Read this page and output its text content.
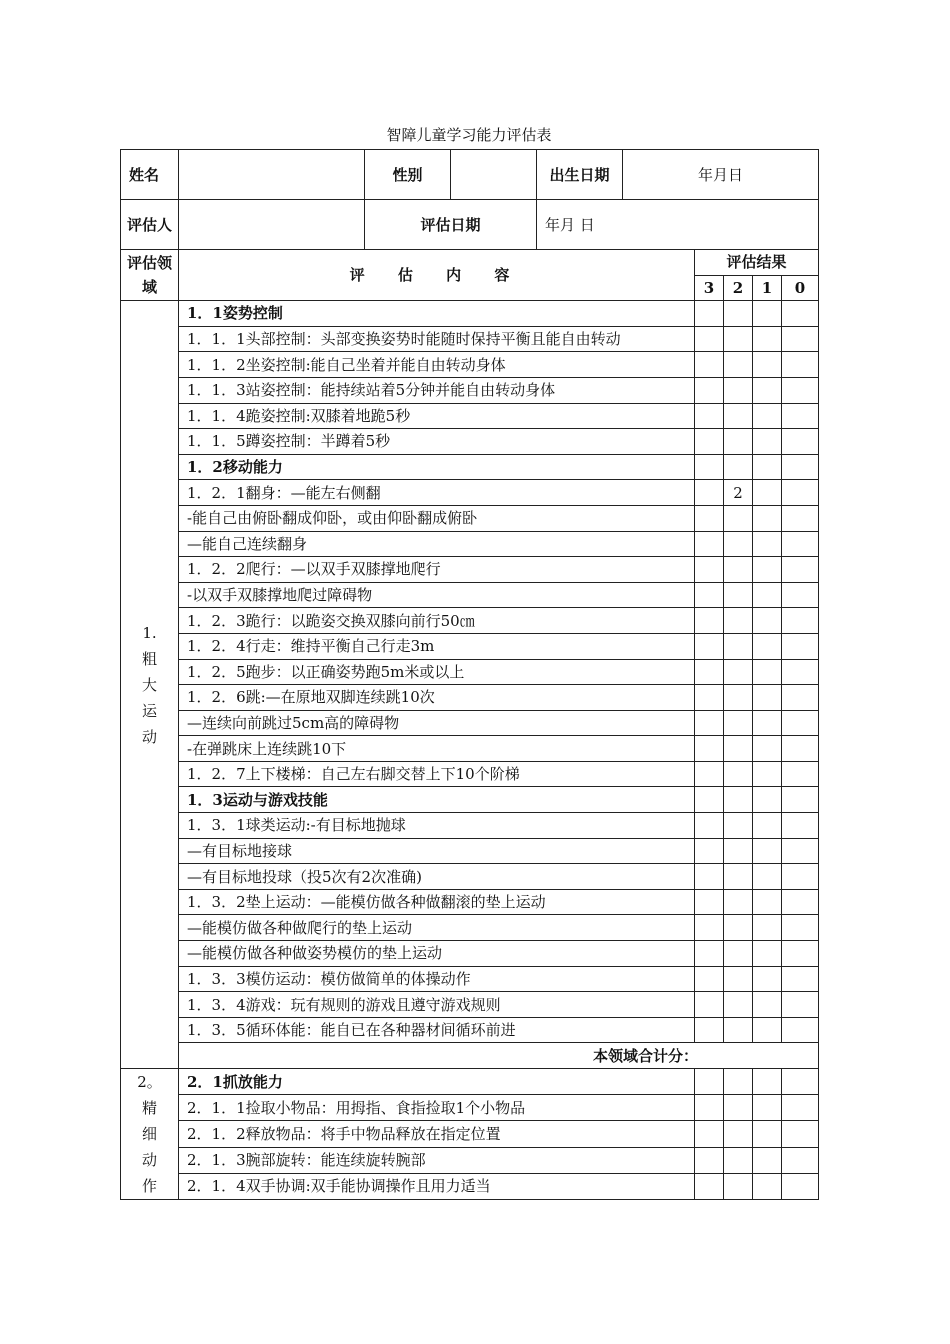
智障儿童学习能力评估表
姓名		性别		出生日期	年月日
评估人		评估日期		年月 日	
评估领域	评 估 内 容	评估结果			
		3	2	1	0

1.
粗
大
运
动	1．1姿势控制				
	1．1．1头部控制：头部变换姿势时能随时保持平衡且能自由转动				
	1．1．2坐姿控制:能自己坐着并能自由转动身体				
	1．1．3站姿控制：能持续站着5分钟并能自由转动身体				
	1．1．4跪姿控制:双膝着地跪5秒				
	1．1．5蹲姿控制：半蹲着5秒				
	1．2移动能力				
	1．2．1翻身：—能左右侧翻		2		
	-能自己由俯卧翻成仰卧，或由仰卧翻成俯卧				
	—能自己连续翻身				
	1．2．2爬行：—以双手双膝撑地爬行				
	-以双手双膝撑地爬过障碍物				
	1．2．3跪行：以跪姿交换双膝向前行50㎝				
	1．2．4行走：维持平衡自己行走3m				
	1．2．5跑步：以正确姿势跑5m米或以上				
	1．2．6跳:—在原地双脚连续跳10次				
	—连续向前跳过5cm高的障碍物				
	-在弹跳床上连续跳10下				
	1．2．7上下楼梯：自己左右脚交替上下10个阶梯				
	1．3运动与游戏技能				
	1．3．1球类运动:-有目标地抛球				
	—有目标地接球				
	—有目标地投球（投5次有2次准确)				
	1．3．2垫上运动：—能模仿做各种做翻滚的垫上运动				
	—能模仿做各种做爬行的垫上运动				
	—能模仿做各种做姿势模仿的垫上运动				
	1．3．3模仿运动：模仿做简单的体操动作				
	1．3．4游戏：玩有规则的游戏且遵守游戏规则				
	1．3．5循环体能：能自已在各种器材间循环前进				
	本领域合计分：				

2。
精
细
动
作	2．1抓放能力				
	2．1．1捡取小物品：用拇指、食指捡取1个小物品				
	2．1．2释放物品：将手中物品释放在指定位置				
	2．1．3腕部旋转：能连续旋转腕部				
	2．1．4双手协调:双手能协调操作且用力适当				
